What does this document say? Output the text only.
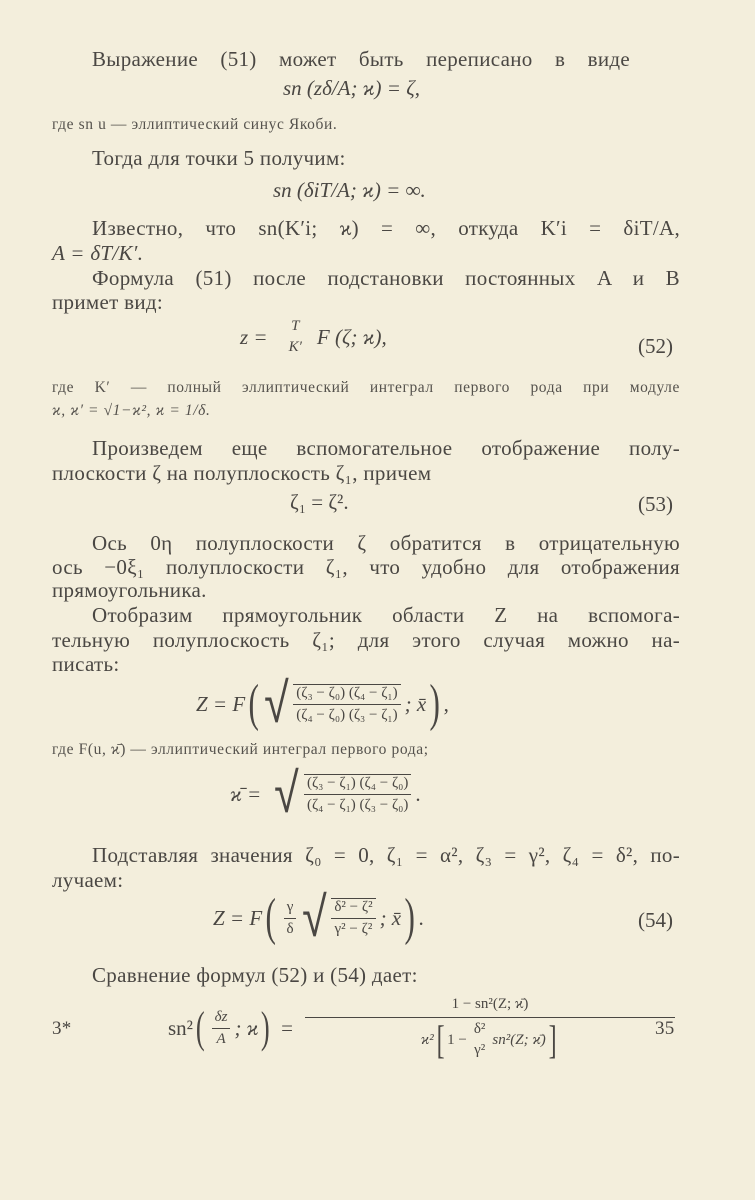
Выражение (51) может быть переписано в виде
sn (zδ/A; ϰ) = ζ,
где sn u — эллиптический синус Якоби.
Тогда для точки 5 получим:
sn (δiT/A; ϰ) = ∞.
Известно, что sn(K′i; ϰ) = ∞, откуда K′i = δiT/A,
A = δT/K′.
Формула (51) после подстановки постоянных A и B
примет вид:
z = T
K′ F (ζ; ϰ),	(52)
где K′ — полный эллиптический интеграл первого рода при модуле
ϰ, ϰ′ = √1−ϰ², ϰ = 1/δ.
Произведем еще вспомогательное отображение полу-
плоскости ζ на полуплоскость ζ₁, причем
ζ₁ = ζ².	(53)
Ось 0η полуплоскости ζ обратится в отрицательную
ось −0ξ₁ полуплоскости ζ₁, что удобно для отображения
прямоугольника.
Отобразим прямоугольник области Z на вспомога-
тельную полуплоскость ζ₁; для этого случая можно на-
писать:
Z = F ( √ $\frac{\text{(ζ₃ − ζ₀) (ζ₄ − ζ₁)}}{\text{(ζ₄ − ζ₀) (ζ₃ − ζ₁)}}$ ; x̄ ) ,
где F(u, ϰ̄) — эллиптический интеграл первого рода;
ϰ̄ = √ $\frac{\text{(ζ₃ − ζ₁) (ζ₄ − ζ₀)}}{\text{(ζ₄ − ζ₁) (ζ₃ − ζ₀)}}$ .
Подставляя значения ζ₀ = 0, ζ₁ = α², ζ₃ = γ², ζ₄ = δ², по-
лучаем:
Z = F ( $\frac{\gamma}{\delta}$ √ $\frac{\text{δ² − ζ²}}{\text{γ² − ζ²}}$ ; x̄ ) .	(54)
Сравнение формул (52) и (54) дает:
sn² ( $\frac{\delta z}{A}$ ; ϰ ) = 1 − sn²(Z; ϰ̄)
ϰ² [ 1 −
δ²
γ²
sn²(Z; ϰ̄) ]
3*	35
